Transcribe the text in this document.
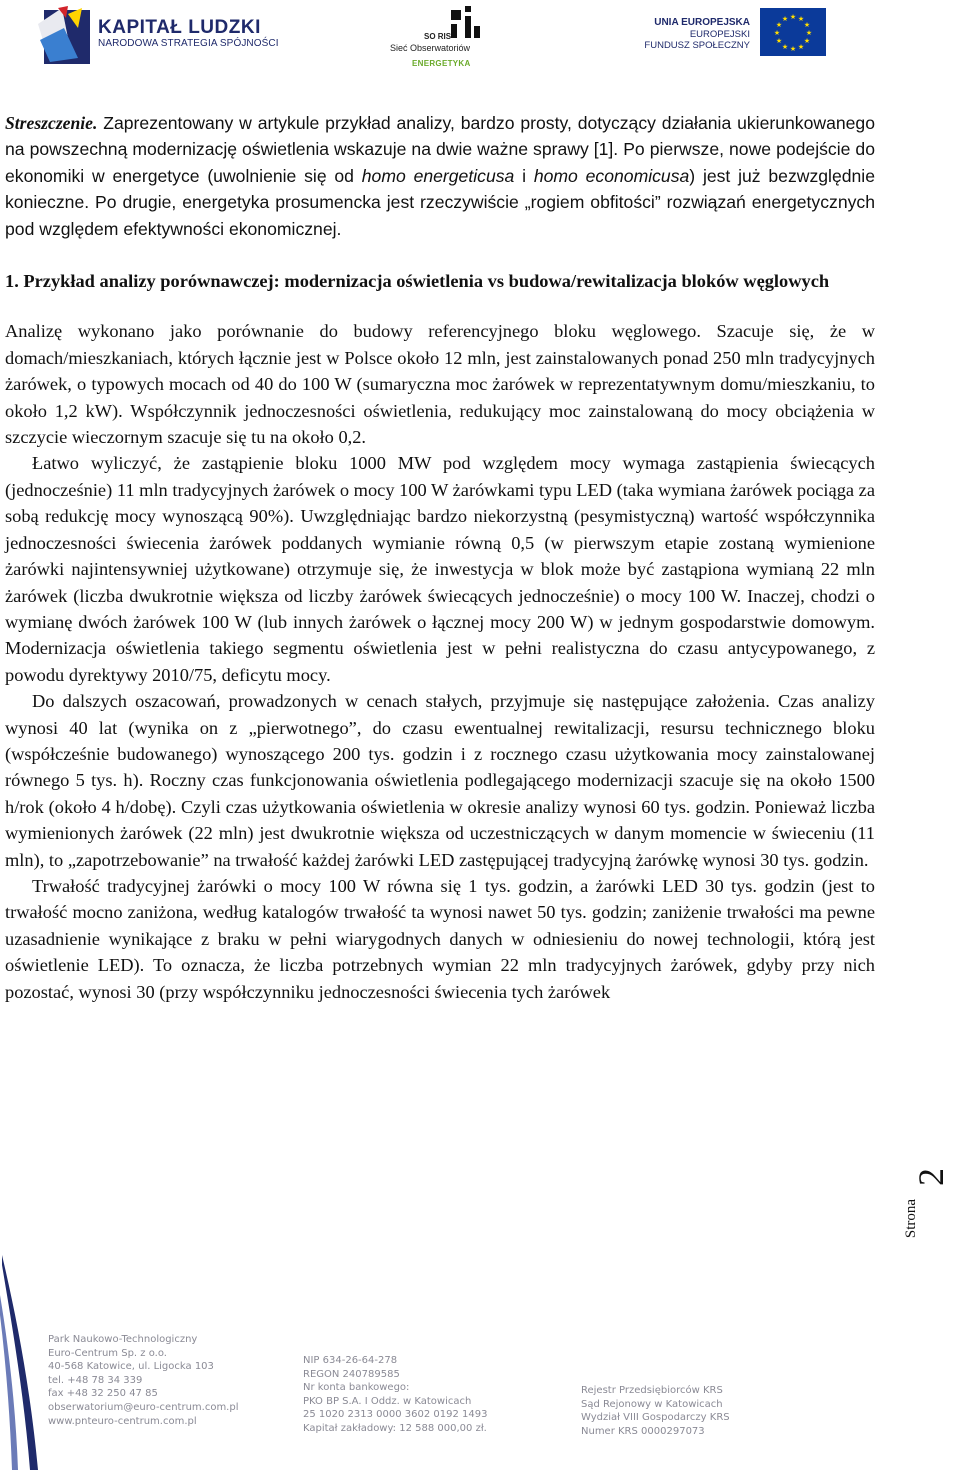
KAPITAŁ LUDZKI
NARODOWA STRATEGIA SPÓJNOŚCI
SO RIS
Sieć Obserwatoriów
ENERGETYKA
UNIA EUROPEJSKA
EUROPEJSKI
FUNDUSZ SPOŁECZNY
★ ★
★
★
★
★
★
★
★
★
★
★

Streszczenie. Zaprezentowany w artykule przykład analizy, bardzo prosty, dotyczący działania ukierunkowanego na powszechną modernizację oświetlenia wskazuje na dwie ważne sprawy [1]. Po pierwsze, nowe podejście do ekonomiki w energetyce (uwolnienie się od homo energeticusa i homo economicusa) jest już bezwzględnie konieczne. Po drugie, energetyka prosumencka jest rzeczywiście „rogiem obfitości” rozwiązań energetycznych pod względem efektywności ekonomicznej.

1. Przykład analizy porównawczej: modernizacja oświetlenia vs budowa/rewitalizacja bloków węglowych

Analizę wykonano jako porównanie do budowy referencyjnego bloku węglowego. Szacuje się, że w domach/mieszkaniach, których łącznie jest w Polsce około 12 mln, jest zainstalowanych ponad 250 mln tradycyjnych żarówek, o typowych mocach od 40 do 100 W (sumaryczna moc żarówek w reprezentatywnym domu/mieszkaniu, to około 1,2 kW). Współczynnik jednoczesności oświetlenia, redukujący moc zainstalowaną do mocy obciążenia w szczycie wieczornym szacuje się tu na około 0,2.

Łatwo wyliczyć, że zastąpienie bloku 1000 MW pod względem mocy wymaga zastąpienia świecących (jednocześnie) 11 mln tradycyjnych żarówek o mocy 100 W żarówkami typu LED (taka wymiana żarówek pociąga za sobą redukcję mocy wynoszącą 90%). Uwzględniając bardzo niekorzystną (pesymistyczną) wartość współczynnika jednoczesności świecenia żarówek poddanych wymianie równą 0,5 (w pierwszym etapie zostaną wymienione żarówki najintensywniej użytkowane) otrzymuje się, że inwestycja w blok może być zastąpiona wymianą 22 mln żarówek (liczba dwukrotnie większa od liczby żarówek świecących jednocześnie) o mocy 100 W. Inaczej, chodzi o wymianę dwóch żarówek 100 W (lub innych żarówek o łącznej mocy 200 W) w jednym gospodarstwie domowym. Modernizacja oświetlenia takiego segmentu oświetlenia jest w pełni realistyczna do czasu antycypowanego, z powodu dyrektywy 2010/75, deficytu mocy.

Do dalszych oszacowań, prowadzonych w cenach stałych, przyjmuje się następujące założenia. Czas analizy wynosi 40 lat (wynika on z „pierwotnego”, do czasu ewentualnej rewitalizacji, resursu technicznego bloku (współcześnie budowanego) wynoszącego 200 tys. godzin i z rocznego czasu użytkowania mocy zainstalowanej równego 5 tys. h). Roczny czas funkcjonowania oświetlenia podlegającego modernizacji szacuje się na około 1500 h/rok (około 4 h/dobę). Czyli czas użytkowania oświetlenia w okresie analizy wynosi 60 tys. godzin. Ponieważ liczba wymienionych żarówek (22 mln) jest dwukrotnie większa od uczestniczących w danym momencie w świeceniu (11 mln), to „zapotrzebowanie” na trwałość każdej żarówki LED zastępującej tradycyjną żarówkę wynosi 30 tys. godzin.

Trwałość tradycyjnej żarówki o mocy 100 W równa się 1 tys. godzin, a żarówki LED 30 tys. godzin (jest to trwałość mocno zaniżona, według katalogów trwałość ta wynosi nawet 50 tys. godzin; zaniżenie trwałości ma pewne uzasadnienie wynikające z braku w pełni wiarygodnych danych w odniesieniu do nowej technologii, którą jest oświetlenie LED). To oznacza, że liczba potrzebnych wymian 22 mln tradycyjnych żarówek, gdyby przy nich pozostać, wynosi 30 (przy współczynniku jednoczesności świecenia tych żarówek

2
Strona
Park Naukowo-Technologiczny
Euro-Centrum Sp. z o.o.
40-568 Katowice, ul. Ligocka 103
tel. +48 78 34 339
fax +48 32 250 47 85
obserwatorium@euro-centrum.com.pl
www.pnteuro-centrum.com.pl
NIP 634-26-64-278
REGON 240789585
Nr konta bankowego:
PKO BP S.A. I Oddz. w Katowicach
25 1020 2313 0000 3602 0192 1493
Kapitał zakładowy: 12 588 000,00 zł.
Rejestr Przedsiębiorców KRS
Sąd Rejonowy w Katowicach
Wydział VIII Gospodarczy KRS
Numer KRS 0000297073
